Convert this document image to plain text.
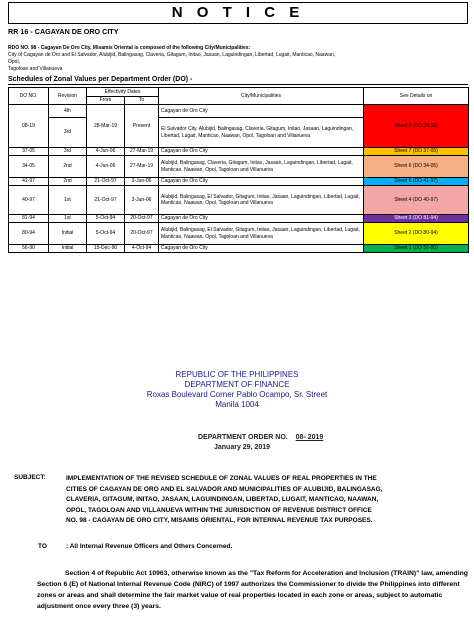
N O T I C E
RR 16 - CAGAYAN DE ORO CITY
RDO NO. 98 - Cagayan De Oro City, Misamis Oriental is composed of the following City/Municipalities:
City of Cagayan de Oro and El Salvador, Alubijid, Balingasag, Claveria, Gitagum, Initao, Jasaan, Laguindingan, Libertad, Lugait, Manticao, Naawan,
Opol,
Tagoloan and Villanueva
Schedules of Zonal Values per Department Order (DO) -
DO NO.	Revision	Effectivity Dates		City/Municipalities	See Details on
		From	To		
08-19	4th	28-Mar-19	Present	Cagayan de Oro City	Sheet 8 (DO 08-19)
	3rd			El Salvador City. Alubijid, Balingasag, Claveria, Gitagum, Initao, Jasaan, Laguindingan, Libertad, Lugait, Manticao, Naawan, Opol, Tagoloan and Villanueva	
37-05	3rd	4-Jun-06	27-Mar-19	Cagayan de Oro City	Sheet 7 (DO 37-05)
34-05	2nd	4-Jun-06	27-Mar-19	Alubijid, Balingasag, Claveria, Gitagum, Initao, Jasaan, Laguindingan, Libertad, Lugait, Manticao, Naawan, Opol, Tagoloan and Villanueva	Sheet 6 (DO 34-05)
41-97	2nd	21-Oct-97	3-Jun-06	Cagayan de Oro City	Sheet 5 (DO 41-97)
40-97	1st	21-Oct-97	3-Jun-06	Alubijid, Balingasag, El Salvador, Gitagum, Initao, Jasaan, Laguindingan, Libertad, Lugait, Manticao, Naawan, Opol, Tagoloan and Villanueva	Sheet 4 (DO 40-97)
81-94	1st	5-Oct-94	20-Oct-97	Cagayan de Oro City	Sheet 3 (DO 81-94)
80-94	Initial	5-Oct-94	20-Oct-97	Alubijid, Balingasag, El Salvador, Gitagum, Initao, Jasaan, Laguindingan, Libertad, Lugait, Manticao, Naawan, Opol, Tagoloan and Villanueva	Sheet 2 (DO 80-94)
56-90	Initial	15-Dec-90	4-Oct-94	Cagayan de Oro City	Sheet 1 (DO 56-90)
REPUBLIC OF THE PHILIPPINES
DEPARTMENT OF FINANCE
Roxas Boulevard Corner Pablo Ocampo, Sr. Street
Manila 1004
DEPARTMENT ORDER NO. 08- 2019
January 29, 2019
SUBJECT:	IMPLEMENTATION OF THE REVISED SCHEDULE OF ZONAL VALUES OF REAL PROPERTIES IN THE
CITIES OF CAGAYAN DE ORO AND EL SALVADOR AND MUNICIPALITIES OF ALUBIJID, BALINGASAG,
CLAVERIA, GITAGUM, INITAO, JASAAN, LAGUINDINGAN, LIBERTAD, LUGAIT, MANTICAO, NAAWAN,
OPOL, TAGOLOAN AND VILLANUEVA WITHIN THE JURISDICTION OF REVENUE DISTRICT OFFICE
NO. 98 - CAGAYAN DE ORO CITY, MISAMIS ORIENTAL, FOR INTERNAL REVENUE TAX PURPOSES.
TO	: All Internal Revenue Officers and Others Concerned.
Section 4 of Republic Act 10963, otherwise known as the "Tax Reform for Acceleration and Inclusion (TRAIN)" law, amending Section 6 (E) of National Internal Revenue Code (NIRC) of 1997 authorizes the Commissioner to divide the Philippines into different zones or areas and shall determine the fair market value of real properties located in each zone or areas, subject to automatic adjustment once every three (3) years.
